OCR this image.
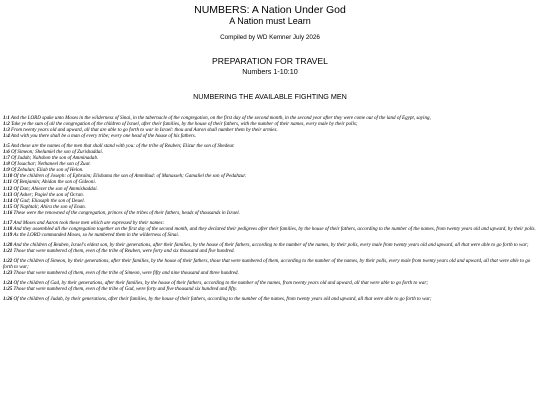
NUMBERS: A Nation Under God
A Nation must Learn
Compiled by WD Kemner July 2026
PREPARATION FOR TRAVEL
Numbers 1-10:10
NUMBERING THE AVAILABLE FIGHTING MEN
1:1 And the LORD spake unto Moses in the wilderness of Sinai, in the tabernacle of the congregation, on the first day of the second month, in the second year after they were come out of the land of Egypt, saying,
1:2 Take ye the sum of all the congregation of the children of Israel, after their families, by the house of their fathers, with the number of their names, every male by their polls;
1:3 From twenty years old and upward, all that are able to go forth to war in Israel: thou and Aaron shall number them by their armies.
1:4 And with you there shall be a man of every tribe; every one head of the house of his fathers.
1:5 And these are the names of the men that shall stand with you: of the tribe of Reuben; Elizur the son of Shedeur.
1:6 Of Simeon; Shelumiel the son of Zurishaddai.
1:7 Of Judah; Nahshon the son of Amminadab.
1:8 Of Issachar; Nethaneel the son of Zuar.
1:9 Of Zebulun; Eliab the son of Helon.
1:10 Of the children of Joseph: of Ephraim; Elishama the son of Ammihud: of Manasseh; Gamaliel the son of Pedahzur.
1:11 Of Benjamin; Abidan the son of Gideoni.
1:12 Of Dan; Ahiezer the son of Ammishaddai.
1:13 Of Asher; Pagiel the son of Ocran.
1:14 Of Gad; Eliasaph the son of Deuel.
1:15 Of Naphtali; Ahira the son of Enan.
1:16 These were the renowned of the congregation, princes of the tribes of their fathers, heads of thousands in Israel.
1:17 And Moses and Aaron took these men which are expressed by their names:
1:18 And they assembled all the congregation together on the first day of the second month, and they declared their pedigrees after their families, by the house of their fathers, according to the number of the names, from twenty years old and upward, by their polls.
1:19 As the LORD commanded Moses, so he numbered them in the wilderness of Sinai.
1:20 And the children of Reuben, Israel's eldest son, by their generations, after their families, by the house of their fathers, according to the number of the names, by their polls, every male from twenty years old and upward, all that were able to go forth to war;
1:21 Those that were numbered of them, even of the tribe of Reuben, were forty and six thousand and five hundred.
1:22 Of the children of Simeon, by their generations, after their families, by the house of their fathers, those that were numbered of them, according to the number of the names, by their polls, every male from twenty years old and upward, all that were able to go forth to war;
1:23 Those that were numbered of them, even of the tribe of Simeon, were fifty and nine thousand and three hundred.
1:24 Of the children of Gad, by their generations, after their families, by the house of their fathers, according to the number of the names, from twenty years old and upward, all that were able to go forth to war;
1:25 Those that were numbered of them, even of the tribe of Gad, were forty and five thousand six hundred and fifty.
1:26 Of the children of Judah, by their generations, after their families, by the house of their fathers, according to the number of the names, from twenty years old and upward, all that were able to go forth to war;
